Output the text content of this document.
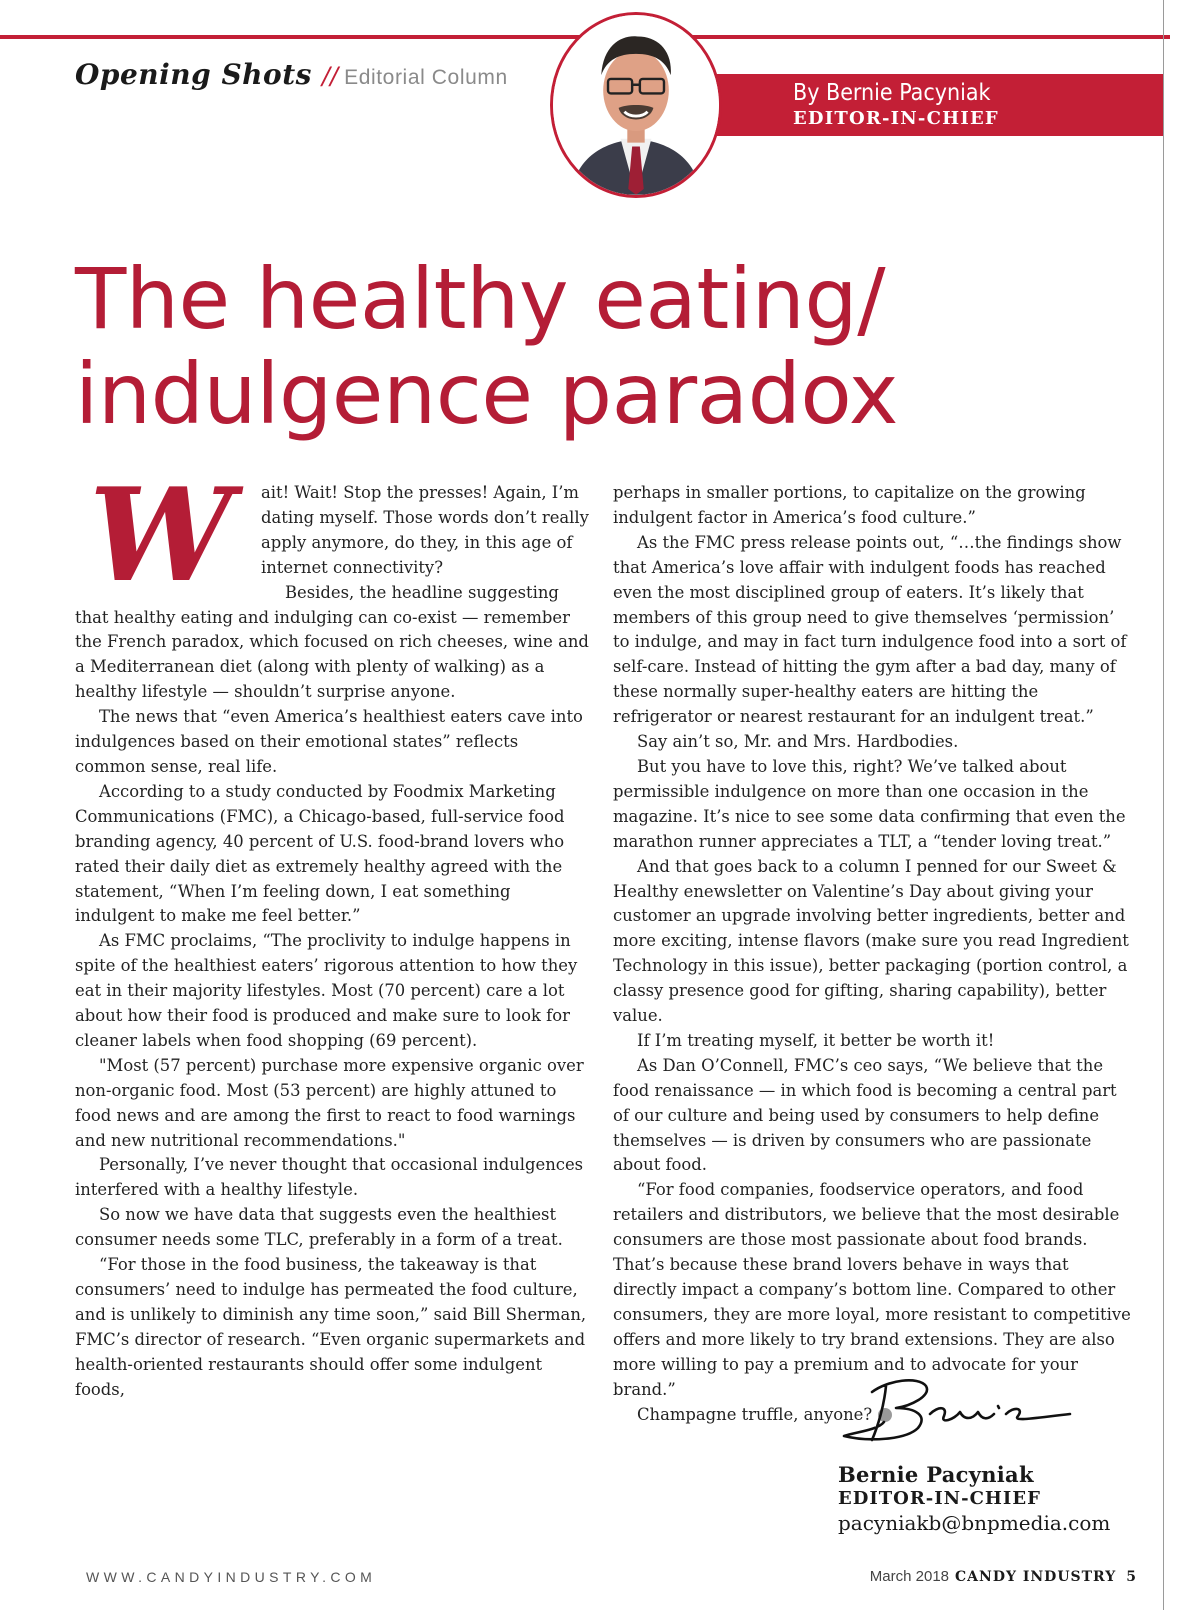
Opening Shots // Editorial Column
By Bernie Pacyniak
EDITOR-IN-CHIEF
The healthy eating/
indulgence paradox
W	ait! Wait! Stop the presses! Again, I’m dating myself. Those words don’t really apply anymore, do they, in this age of internet connectivity?

Besides, the headline suggesting that healthy eating and indulging can co-exist — remember the French paradox, which focused on rich cheeses, wine and a Mediterranean diet (along with plenty of walking) as a healthy lifestyle — shouldn’t surprise anyone.

The news that “even America’s healthiest eaters cave into indulgences based on their emotional states” reflects common sense, real life.

According to a study conducted by Foodmix Marketing Communications (FMC), a Chicago-based, full-service food branding agency, 40 percent of U.S. food-brand lovers who rated their daily diet as extremely healthy agreed with the statement, “When I’m feeling down, I eat something indulgent to make me feel better.”

As FMC proclaims, “The proclivity to indulge happens in spite of the healthiest eaters’ rigorous attention to how they eat in their majority lifestyles. Most (70 percent) care a lot about how their food is produced and make sure to look for cleaner labels when food shopping (69 percent).

"Most (57 percent) purchase more expensive organic over non-organic food. Most (53 percent) are highly attuned to food news and are among the first to react to food warnings and new nutritional recommendations."

Personally, I’ve never thought that occasional indulgences interfered with a healthy lifestyle.

So now we have data that suggests even the healthiest consumer needs some TLC, preferably in a form of a treat.

“For those in the food business, the takeaway is that consumers’ need to indulge has permeated the food culture, and is unlikely to diminish any time soon,” said Bill Sherman, FMC’s director of research. “Even organic supermarkets and health-oriented restaurants should offer some indulgent foods,

perhaps in smaller portions, to capitalize on the growing indulgent factor in America’s food culture.”

As the FMC press release points out, “…the findings show that America’s love affair with indulgent foods has reached even the most disciplined group of eaters. It’s likely that members of this group need to give themselves ‘permission’ to indulge, and may in fact turn indulgence food into a sort of self-care. Instead of hitting the gym after a bad day, many of these normally super-healthy eaters are hitting the refrigerator or nearest restaurant for an indulgent treat.”

Say ain’t so, Mr. and Mrs. Hardbodies.

But you have to love this, right? We’ve talked about permissible indulgence on more than one occasion in the magazine. It’s nice to see some data confirming that even the marathon runner appreciates a TLT, a “tender loving treat.”

And that goes back to a column I penned for our Sweet & Healthy enewsletter on Valentine’s Day about giving your customer an upgrade involving better ingredients, better and more exciting, intense flavors (make sure you read Ingredient Technology in this issue), better packaging (portion control, a classy presence good for gifting, sharing capability), better value.

If I’m treating myself, it better be worth it!

As Dan O’Connell, FMC’s ceo says, “We believe that the food renaissance — in which food is becoming a central part of our culture and being used by consumers to help define themselves — is driven by consumers who are passionate about food.

“For food companies, foodservice operators, and food retailers and distributors, we believe that the most desirable consumers are those most passionate about food brands. That’s because these brand lovers behave in ways that directly impact a company’s bottom line. Compared to other consumers, they are more loyal, more resistant to competitive offers and more likely to try brand extensions. They are also more willing to pay a premium and to advocate for your brand.”

Champagne truffle, anyone?	ci

Bernie Pacyniak
EDITOR-IN-CHIEF
pacyniakb@bnpmedia.com
WWW.CANDYINDUSTRY.COM	March 2018 CANDY INDUSTRY 5
